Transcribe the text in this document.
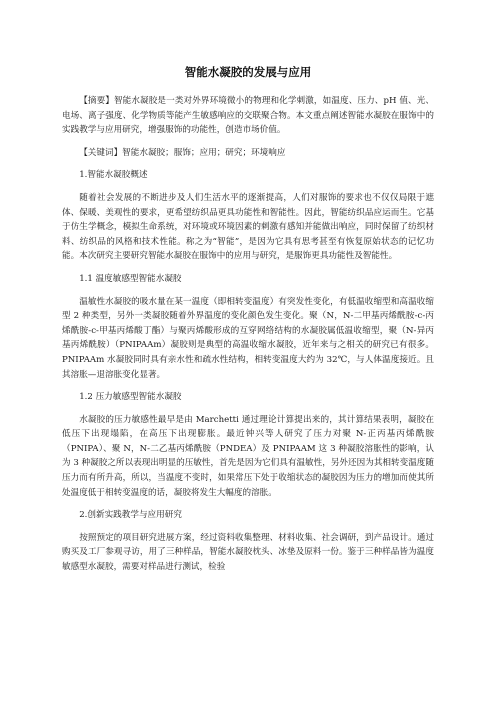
智能水凝胶的发展与应用

【摘要】智能水凝胶是一类对外界环境微小的物理和化学刺激，如温度、压力、pH 值、光、电场、离子强度、化学物质等能产生敏感响应的交联聚合物。本文重点阐述智能水凝胶在服饰中的实践教学与应用研究，增强服饰的功能性，创造市场价值。

【关键词】智能水凝胶；服饰；应用；研究；环境响应

1.智能水凝胶概述

随着社会发展的不断进步及人们生活水平的逐渐提高，人们对服饰的要求也不仅仅局限于遮体、保暖、美观性的要求，更希望纺织品更具功能性和智能性。因此，智能纺织品应运而生。它基于仿生学概念，模拟生命系统，对环境或环境因素的刺激有感知并能做出响应，同时保留了纺织材料、纺织品的风格和技术性能。称之为“智能”，是因为它具有思考甚至有恢复原始状态的记忆功能。本次研究主要研究智能水凝胶在服饰中的应用与研究，是服饰更具功能性及智能性。

1.1 温度敏感型智能水凝胶

温敏性水凝胶的吸水量在某一温度（即相转变温度）有突发性变化，有低温收缩型和高温收缩型 2 种类型，另外一类凝胶随着外界温度的变化颜色发生变化。聚（N，N-二甲基丙烯酰胺-c-丙烯酰胺-c-甲基丙烯酸丁酯）与聚丙烯酸形成的互穿网络结构的水凝胶属低温收缩型，聚（N-异丙基丙烯酰胺）（PNIPAAm）凝胶则是典型的高温收缩水凝胶，近年来与之相关的研究已有很多。PNIPAAm 水凝胶同时具有亲水性和疏水性结构，相转变温度大约为 32℃，与人体温度接近。且其溶胀—退溶胀变化显著。

1.2 压力敏感型智能水凝胶

水凝胶的压力敏感性最早是由 Marchetti 通过理论计算提出来的，其计算结果表明，凝胶在低压下出现塌陷，在高压下出现膨胀。最近钟兴等人研究了压力对聚 N-正丙基丙烯酰胺（PNIPA）、聚 N，N-二乙基丙烯酰胺（PNDEA）及 PNIPAAM 这 3 种凝胶溶胀性的影响，认为 3 种凝胶之所以表现出明显的压敏性，首先是因为它们具有温敏性，另外还因为其相转变温度随压力而有所升高，所以，当温度不变时，如果常压下处于收缩状态的凝胶因为压力的增加而使其所处温度低于相转变温度的话，凝胶将发生大幅度的溶胀。

2.创新实践教学与应用研究

按照预定的项目研究进展方案，经过资料收集整理、材料收集、社会调研，到产品设计。通过购买及工厂参观寻访，用了三种样品，智能水凝胶枕头、冰垫及原料一份。鉴于三种样品皆为温度敏感型水凝胶，需要对样品进行测试，检验
